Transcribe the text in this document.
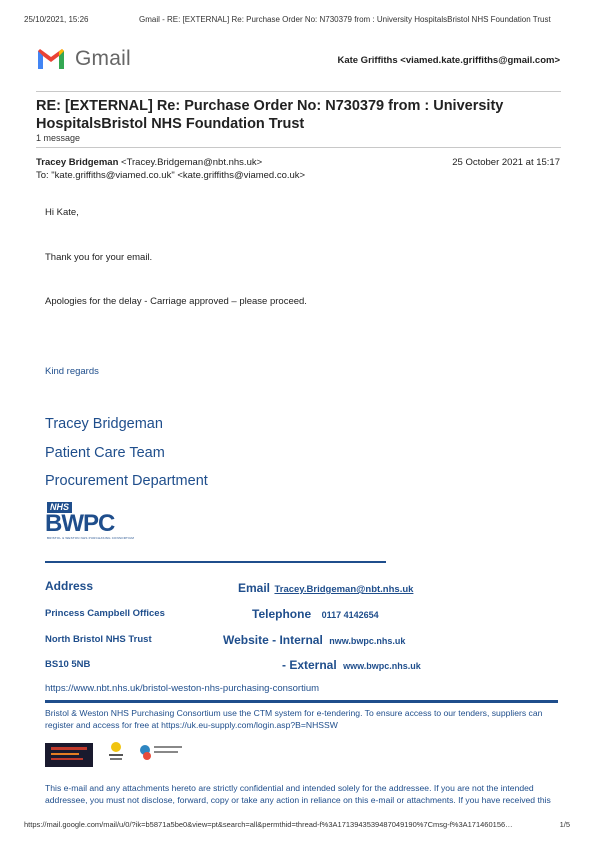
25/10/2021, 15:26	Gmail - RE: [EXTERNAL] Re: Purchase Order No: N730379 from : University HospitalsBristol NHS Foundation Trust
Gmail	Kate Griffiths <viamed.kate.griffiths@gmail.com>
RE: [EXTERNAL] Re: Purchase Order No: N730379 from : University HospitalsBristol NHS Foundation Trust
1 message
Tracey Bridgeman <Tracey.Bridgeman@nbt.nhs.uk>	25 October 2021 at 15:17
To: "kate.griffiths@viamed.co.uk" <kate.griffiths@viamed.co.uk>
Hi Kate,
Thank you for your email.
Apologies for the delay - Carriage approved – please proceed.
Kind regards
Tracey Bridgeman
Patient Care Team
Procurement Department
NHS
BWPC
BRISTOL & WESTON NHS PURCHASING CONSORTIUM
Address	Email Tracey.Bridgeman@nbt.nhs.uk
Princess Campbell Offices	Telephone 0117 4142654
North Bristol NHS Trust	Website - Internal nww.bwpc.nhs.uk
BS10 5NB	- External www.bwpc.nhs.uk
https://www.nbt.nhs.uk/bristol-weston-nhs-purchasing-consortium
Bristol & Weston NHS Purchasing Consortium use the CTM system for e-tendering. To ensure access to our tenders, suppliers can register and access for free at https://uk.eu-supply.com/login.asp?B=NHSSW
This e-mail and any attachments hereto are strictly confidential and intended solely for the addressee. If you are not the intended addressee, you must not disclose, forward, copy or take any action in reliance on this e-mail or attachments. If you have received this
https://mail.google.com/mail/u/0/?ik=b5871a5be0&view=pt&search=all&permthid=thread-f%3A1713943539487049190%7Cmsg-f%3A171460156…	1/5
